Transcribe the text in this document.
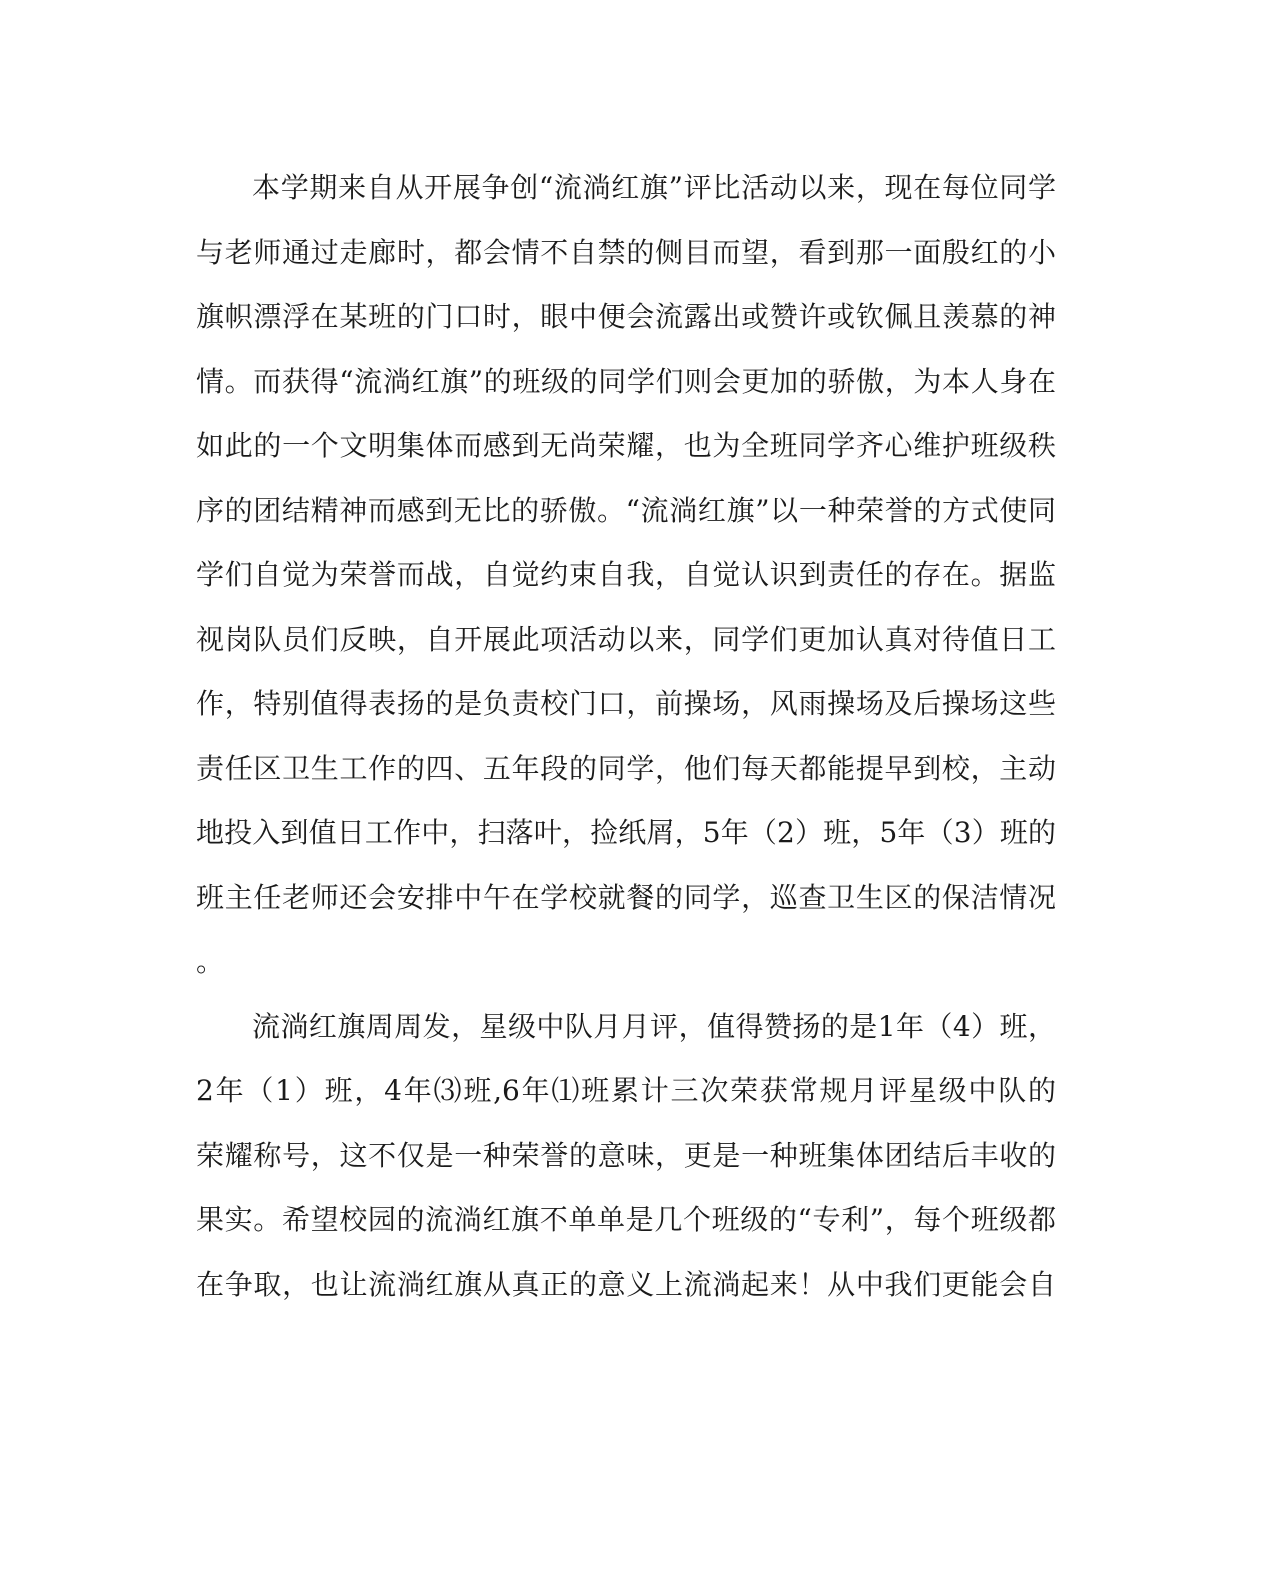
本学期来自从开展争创“流淌红旗”评比活动以来，现在每位同学
与老师通过走廊时，都会情不自禁的侧目而望，看到那一面殷红的小
旗帜漂浮在某班的门口时，眼中便会流露出或赞许或钦佩且羡慕的神
情。而获得“流淌红旗”的班级的同学们则会更加的骄傲，为本人身在
如此的一个文明集体而感到无尚荣耀，也为全班同学齐心维护班级秩
序的团结精神而感到无比的骄傲。“流淌红旗”以一种荣誉的方式使同
学们自觉为荣誉而战，自觉约束自我，自觉认识到责任的存在。据监
视岗队员们反映，自开展此项活动以来，同学们更加认真对待值日工
作，特别值得表扬的是负责校门口，前操场，风雨操场及后操场这些
责任区卫生工作的四、五年段的同学，他们每天都能提早到校，主动
地投入到值日工作中，扫落叶，捡纸屑，5年（2）班，5年（3）班的
班主任老师还会安排中午在学校就餐的同学，巡查卫生区的保洁情况
。
流淌红旗周周发，星级中队月月评，值得赞扬的是1年（4）班，
2年（1）班，4年⑶班,6年⑴班累计三次荣获常规月评星级中队的
荣耀称号，这不仅是一种荣誉的意味，更是一种班集体团结后丰收的
果实。希望校园的流淌红旗不单单是几个班级的“专利”，每个班级都
在争取，也让流淌红旗从真正的意义上流淌起来！从中我们更能会自
